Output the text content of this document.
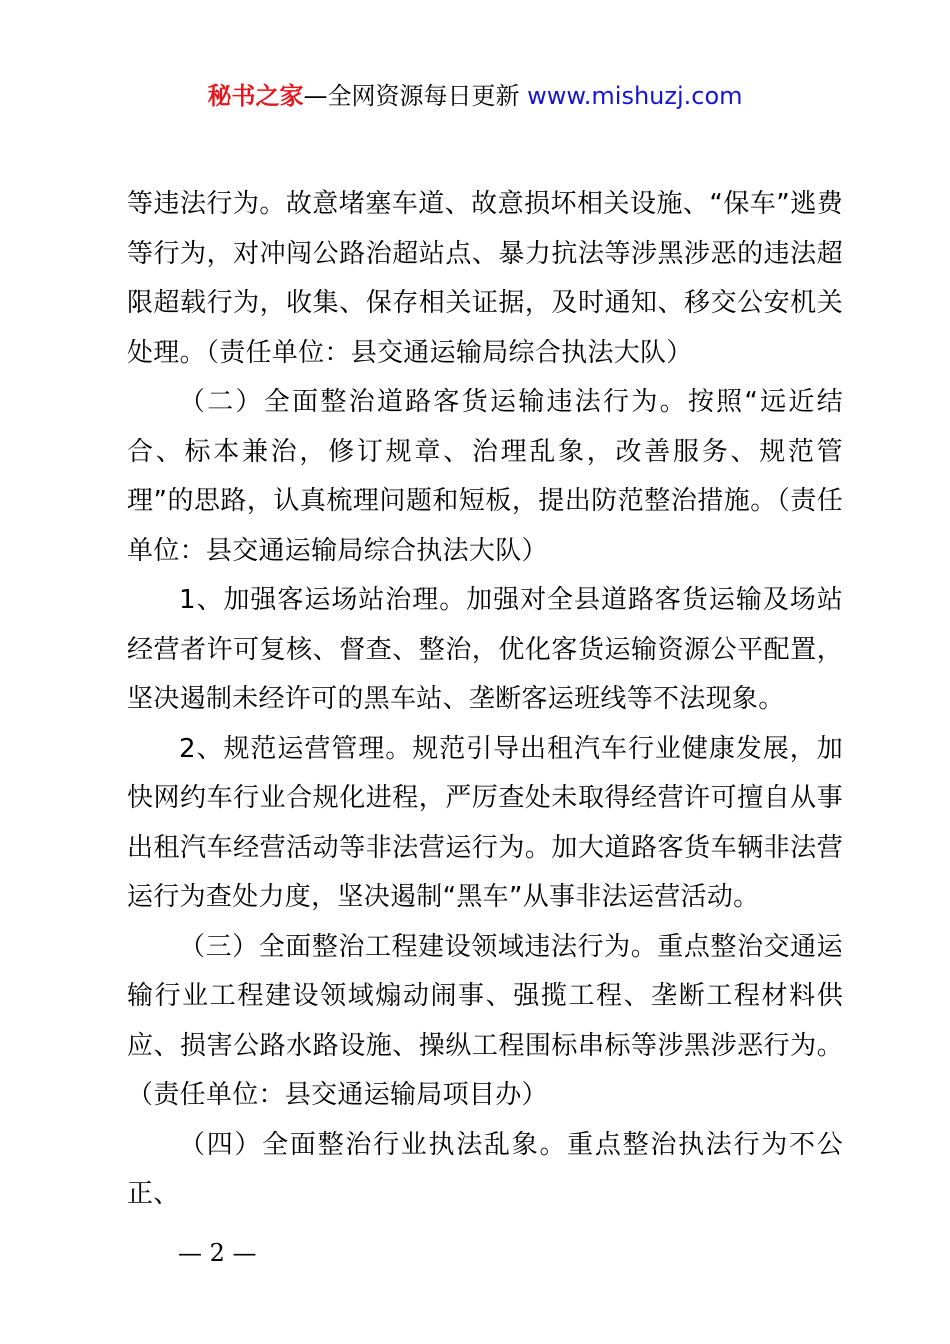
秘书之家—全网资源每日更新 www.mishuzj.com

等违法行为。故意堵塞车道、故意损坏相关设施、“保车”逃费等行为，对冲闯公路治超站点、暴力抗法等涉黑涉恶的违法超限超载行为，收集、保存相关证据，及时通知、移交公安机关处理。（责任单位：县交通运输局综合执法大队）

（二）全面整治道路客货运输违法行为。按照“远近结合、标本兼治，修订规章、治理乱象，改善服务、规范管理”的思路，认真梳理问题和短板，提出防范整治措施。（责任单位：县交通运输局综合执法大队）

1、加强客运场站治理。加强对全县道路客货运输及场站经营者许可复核、督查、整治，优化客货运输资源公平配置，坚决遏制未经许可的黑车站、垄断客运班线等不法现象。

2、规范运营管理。规范引导出租汽车行业健康发展，加快网约车行业合规化进程，严厉查处未取得经营许可擅自从事出租汽车经营活动等非法营运行为。加大道路客货车辆非法营运行为查处力度，坚决遏制“黑车”从事非法运营活动。

（三）全面整治工程建设领域违法行为。重点整治交通运输行业工程建设领域煽动闹事、强揽工程、垄断工程材料供应、损害公路水路设施、操纵工程围标串标等涉黑涉恶行为。（责任单位：县交通运输局项目办）

（四）全面整治行业执法乱象。重点整治执法行为不公正、

— 2 —
